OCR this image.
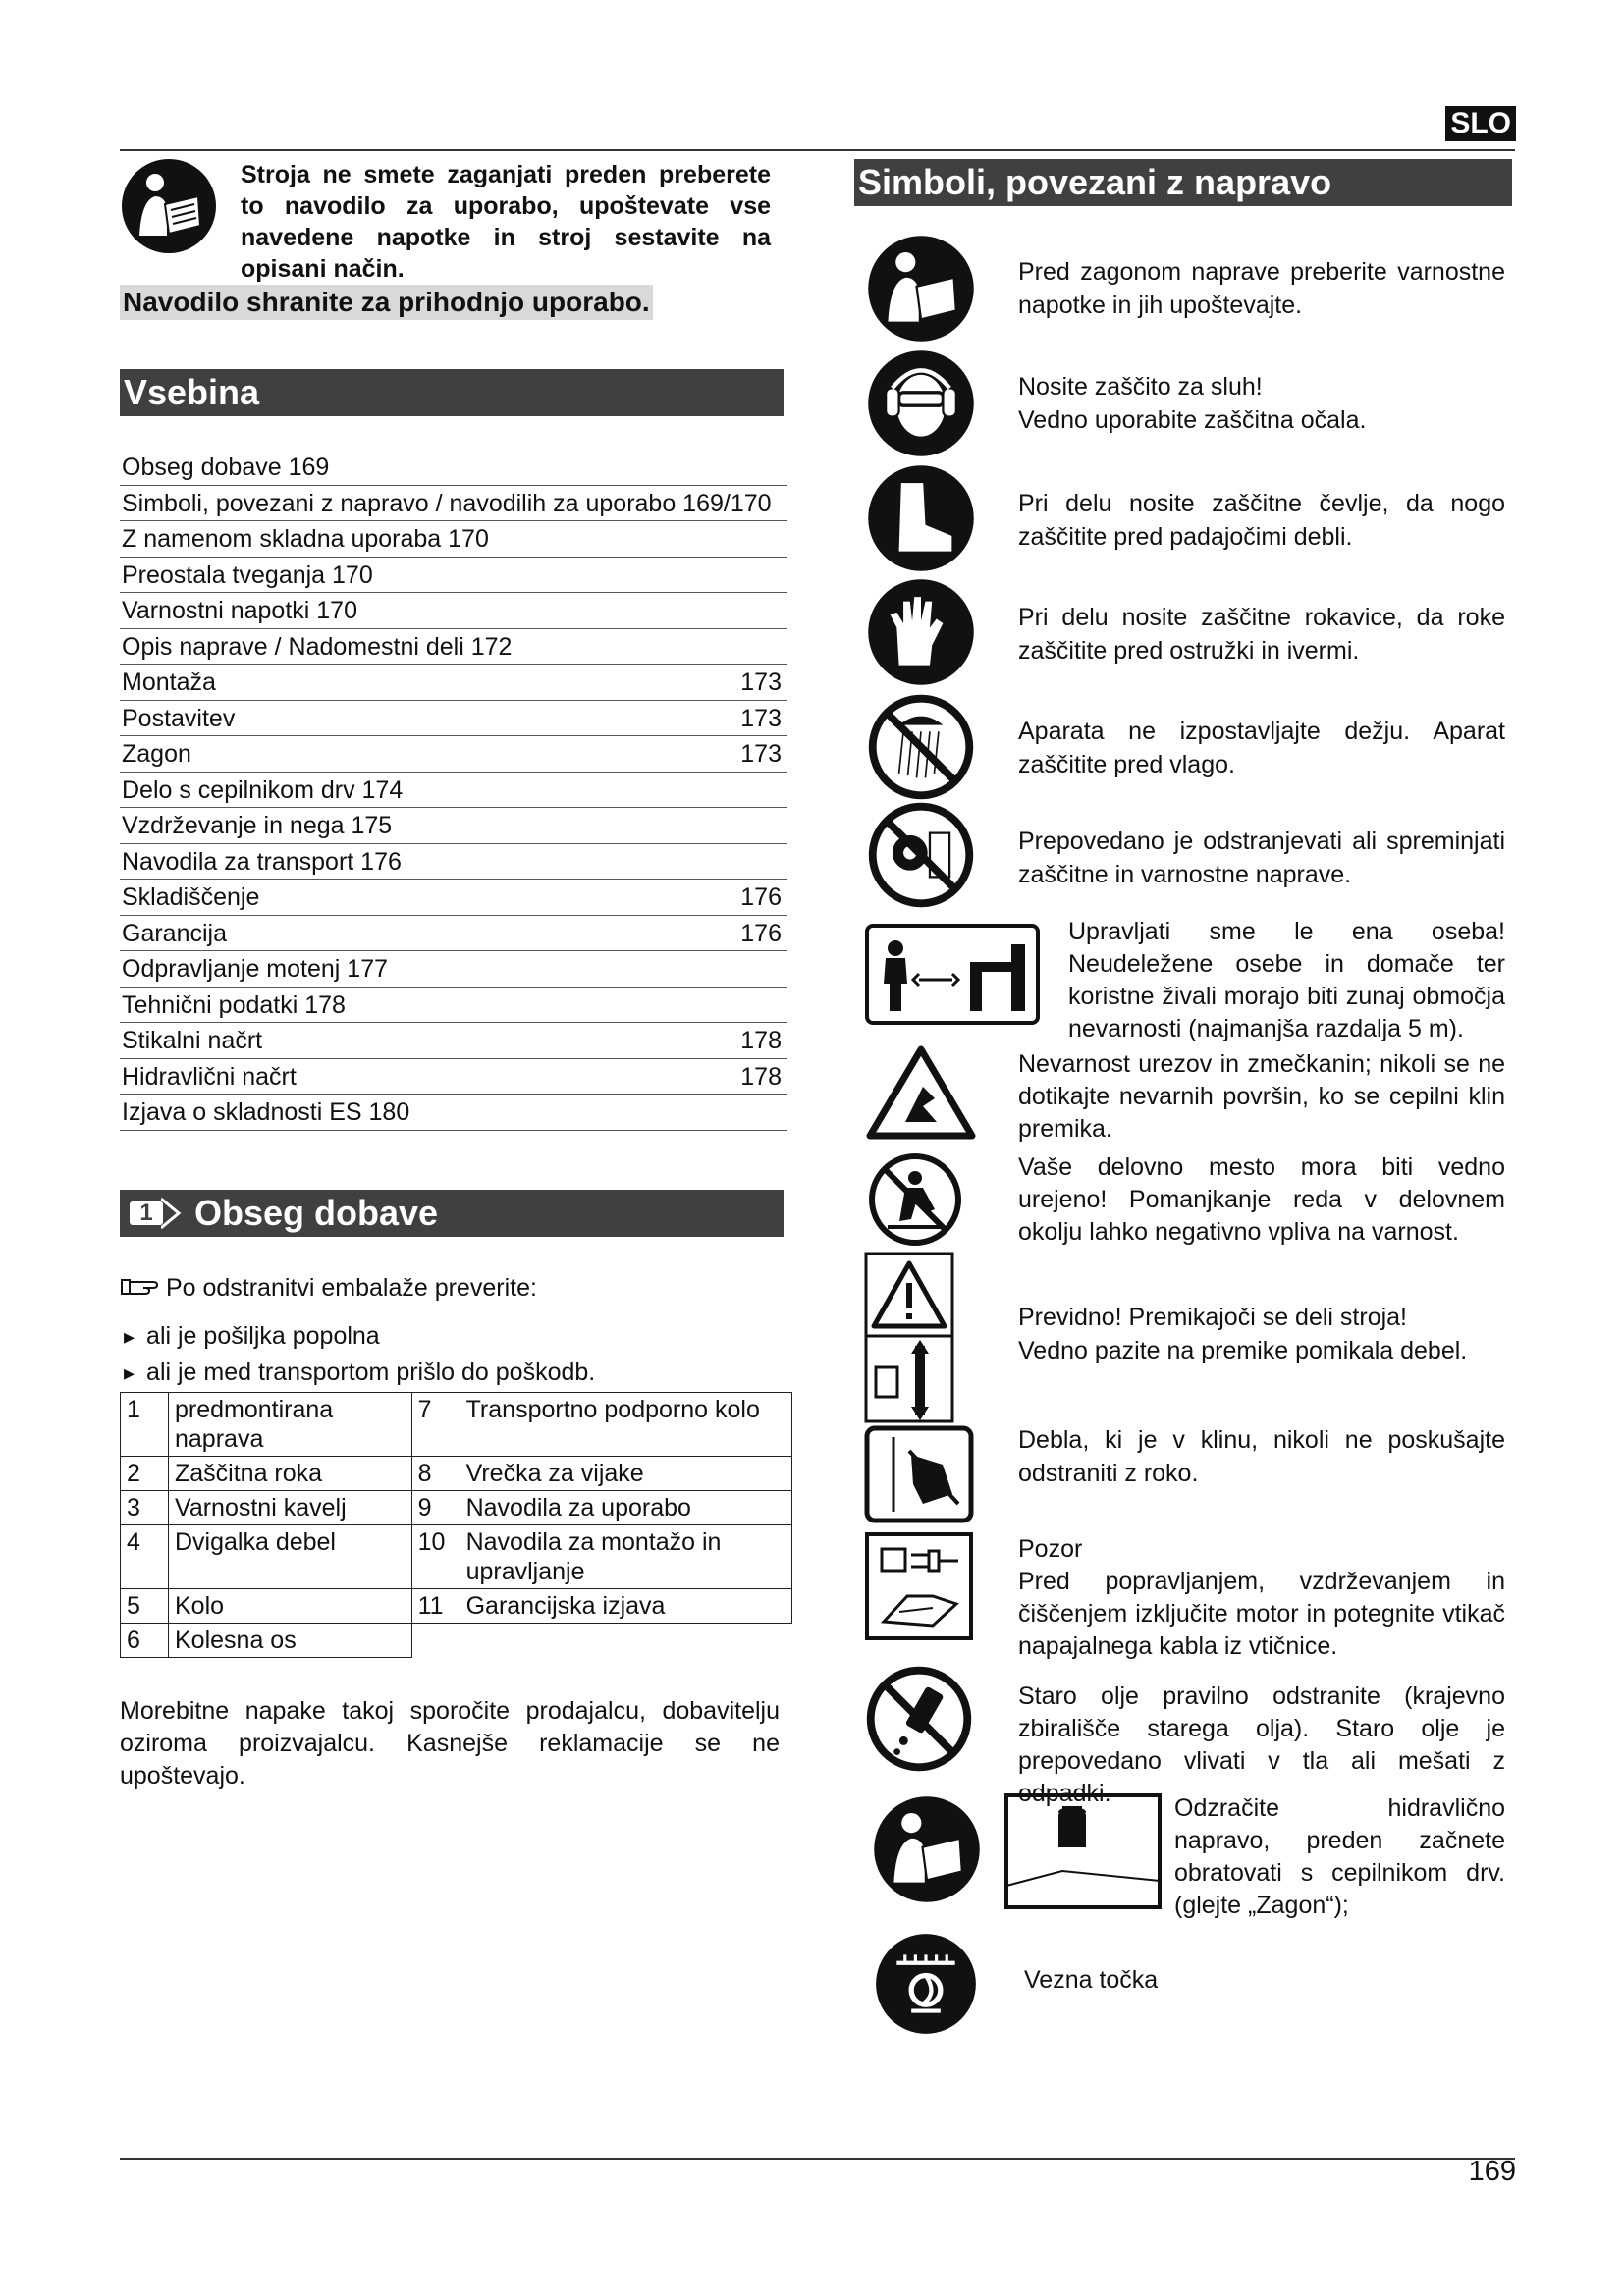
SLO
Stroja ne smete zaganjati preden preberete to navodilo za uporabo, upoštevate vse navedene napotke in stroj sestavite na opisani način.
Navodilo shranite za prihodnjo uporabo.
Vsebina
Obseg dobave 169
Simboli, povezani z napravo / navodilih za uporabo 169/170
Z namenom skladna uporaba 170
Preostala tveganja 170
Varnostni napotki 170
Opis naprave / Nadomestni deli 172
Montaža	173
Postavitev	173
Zagon	173
Delo s cepilnikom drv 174
Vzdrževanje in nega 175
Navodila za transport 176
Skladiščenje	176
Garancija	176
Odpravljanje motenj 177
Tehnični podatki 178
Stikalni načrt	178
Hidravlični načrt	178
Izjava o skladnosti ES 180
1 Obseg dobave
Po odstranitvi embalaže preverite:
▸ ali je pošiljka popolna
▸ ali je med transportom prišlo do poškodb.
1	predmontirana naprava	7	Transportno podporno kolo
2	Zaščitna roka	8	Vrečka za vijake
3	Varnostni kavelj	9	Navodila za uporabo
4	Dvigalka debel	10	Navodila za montažo in upravljanje
5	Kolo	11	Garancijska izjava
6	Kolesna os		
Morebitne napake takoj sporočite prodajalcu, dobavitelju oziroma proizvajalcu. Kasnejše reklamacije se ne upoštevajo.
Simboli, povezani z napravo
Pred zagonom naprave preberite varnostne napotke in jih upoštevajte.
Nosite zaščito za sluh!
Vedno uporabite zaščitna očala.
Pri delu nosite zaščitne čevlje, da nogo zaščitite pred padajočimi debli.
Pri delu nosite zaščitne rokavice, da roke zaščitite pred ostružki in ivermi.
Aparata ne izpostavljajte dežju. Aparat zaščitite pred vlago.
Prepovedano je odstranjevati ali spreminjati zaščitne in varnostne naprave.
Upravljati sme le ena oseba! Neudeležene osebe in domače ter koristne živali morajo biti zunaj območja nevarnosti (najmanjša razdalja 5 m).
Nevarnost urezov in zmečkanin; nikoli se ne dotikajte nevarnih površin, ko se cepilni klin premika.
Vaše delovno mesto mora biti vedno urejeno! Pomanjkanje reda v delovnem okolju lahko negativno vpliva na varnost.
Previdno! Premikajoči se deli stroja!
Vedno pazite na premike pomikala debel.
Debla, ki je v klinu, nikoli ne poskušajte odstraniti z roko.
Pozor
Pred popravljanjem, vzdrževanjem in čiščenjem izključite motor in potegnite vtikač napajalnega kabla iz vtičnice.
Staro olje pravilno odstranite (krajevno zbirališče starega olja). Staro olje je prepovedano vlivati v tla ali mešati z odpadki.
Odzračite hidravlično napravo, preden začnete obratovati s cepilnikom drv. (glejte „Zagon“);
Vezna točka
169
